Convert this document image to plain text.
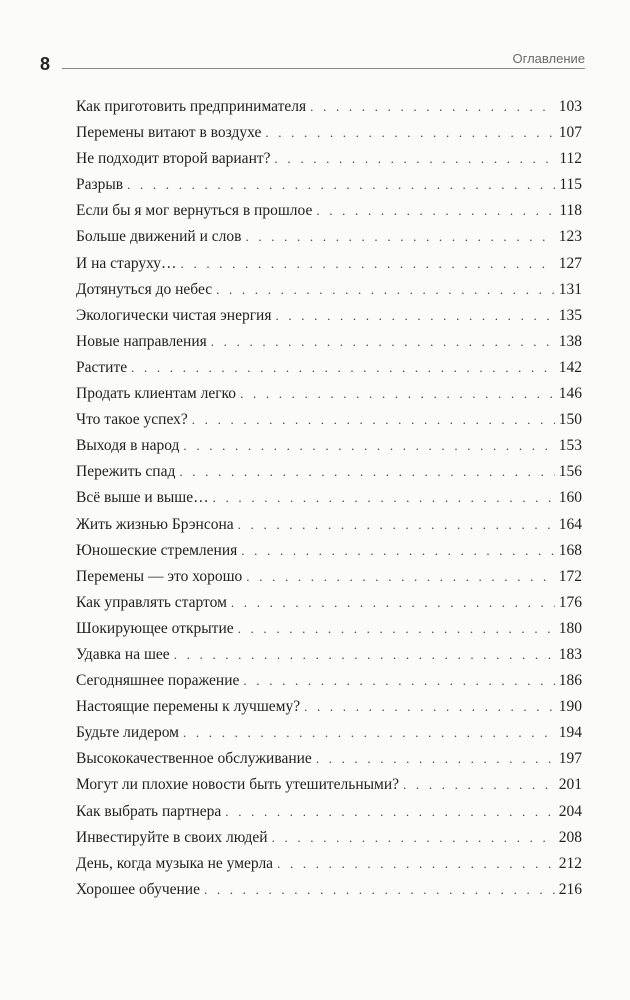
8	Оглавление
Как приготовить предпринимателя . . .	103
Перемены витают в воздухе . . .	107
Не подходит второй вариант? . . .	112
Разрыв . . .	115
Если бы я мог вернуться в прошлое . . .	118
Больше движений и слов . . .	123
И на старуху… . . .	127
Дотянуться до небес . . .	131
Экологически чистая энергия . . .	135
Новые направления . . .	138
Растите . . .	142
Продать клиентам легко . . .	146
Что такое успех? . . .	150
Выходя в народ . . .	153
Пережить спад . . .	156
Всё выше и выше… . . .	160
Жить жизнью Брэнсона . . .	164
Юношеские стремления . . .	168
Перемены — это хорошо . . .	172
Как управлять стартом . . .	176
Шокирующее открытие . . .	180
Удавка на шее . . .	183
Сегодняшнее поражение . . .	186
Настоящие перемены к лучшему? . . .	190
Будьте лидером . . .	194
Высококачественное обслуживание . . .	197
Могут ли плохие новости быть утешительными? . . .	201
Как выбрать партнера . . .	204
Инвестируйте в своих людей . . .	208
День, когда музыка не умерла . . .	212
Хорошее обучение . . .	216
